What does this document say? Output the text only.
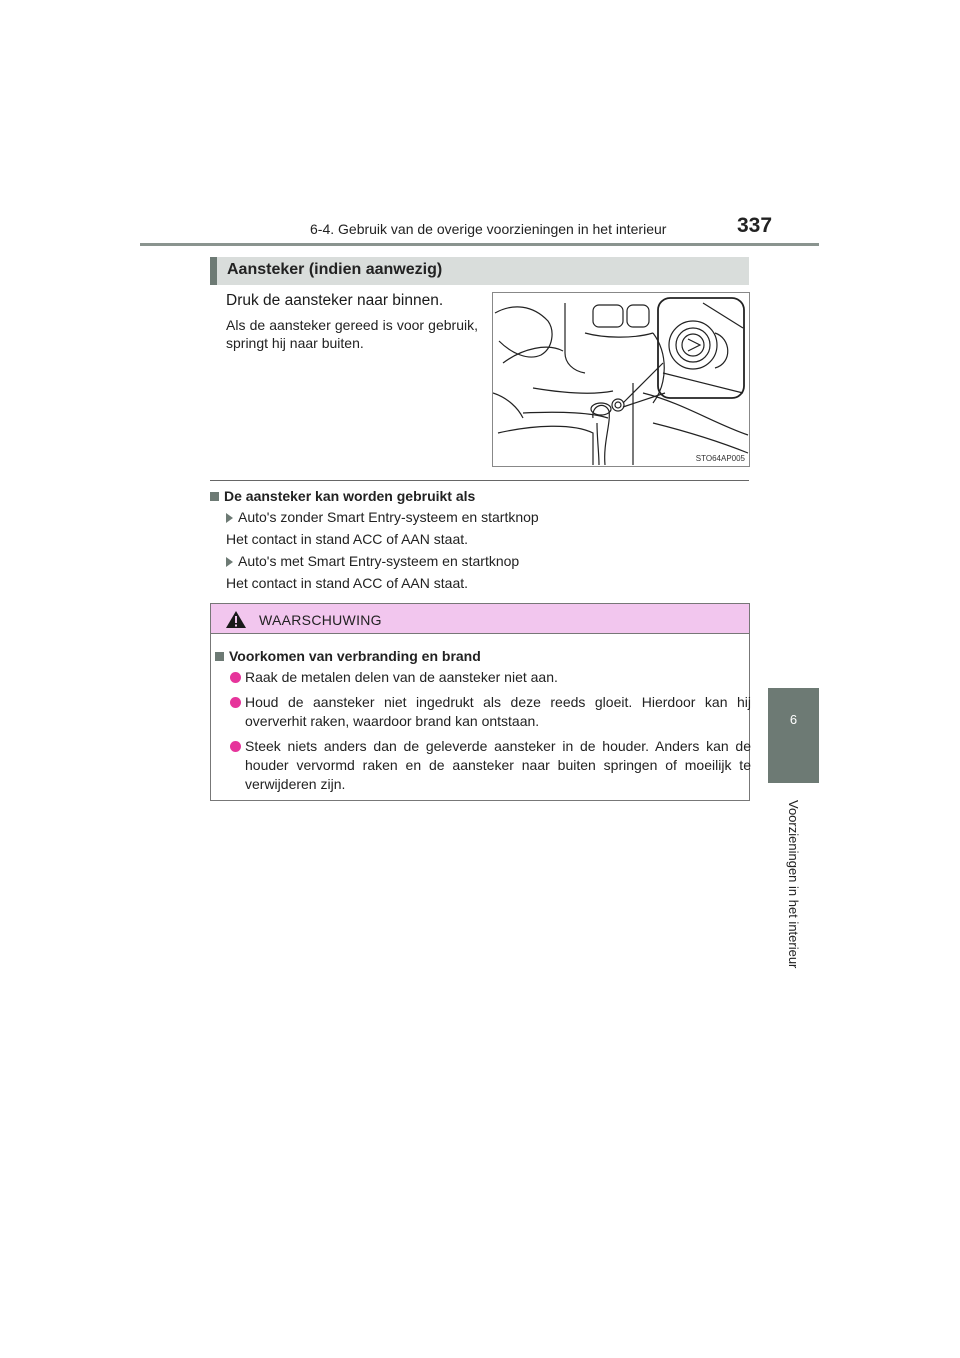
6-4. Gebruik van de overige voorzieningen in het interieur	337
6
Voorzieningen in het interieur
Aansteker (indien aanwezig)
Druk de aansteker naar binnen.
Als de aansteker gereed is voor gebruik, springt hij naar buiten.
STO64AP005
De aansteker kan worden gebruikt als
Auto's zonder Smart Entry-systeem en startknop
Het contact in stand ACC of AAN staat.
Auto's met Smart Entry-systeem en startknop
Het contact in stand ACC of AAN staat.
WAARSCHUWING
Voorkomen van verbranding en brand
Raak de metalen delen van de aansteker niet aan.
Houd de aansteker niet ingedrukt als deze reeds gloeit. Hierdoor kan hij oververhit raken, waardoor brand kan ontstaan.
Steek niets anders dan de geleverde aansteker in de houder. Anders kan de houder vervormd raken en de aansteker naar buiten springen of moeilijk te verwijderen zijn.
